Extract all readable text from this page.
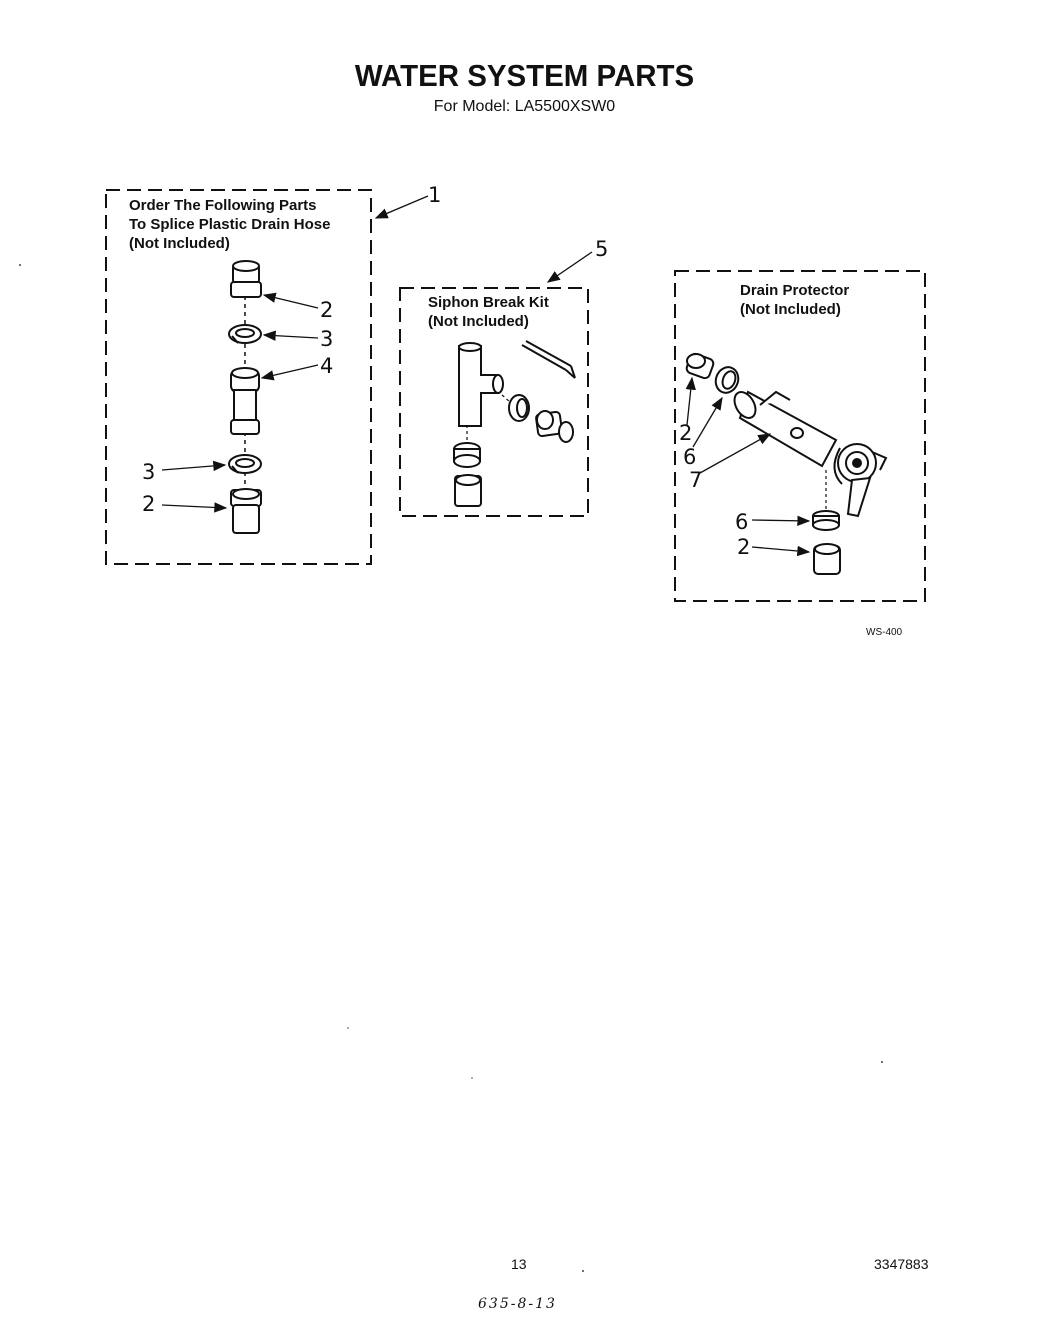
WATER SYSTEM PARTS
For Model: LA5500XSW0
Order The Following Parts
To Splice Plastic Drain Hose
(Not Included)
Siphon Break Kit
(Not Included)
Drain Protector
(Not Included)
1
2
3
4
3
2
5
2
6
7
6
2
WS-400
13	3347883
635-8-13
